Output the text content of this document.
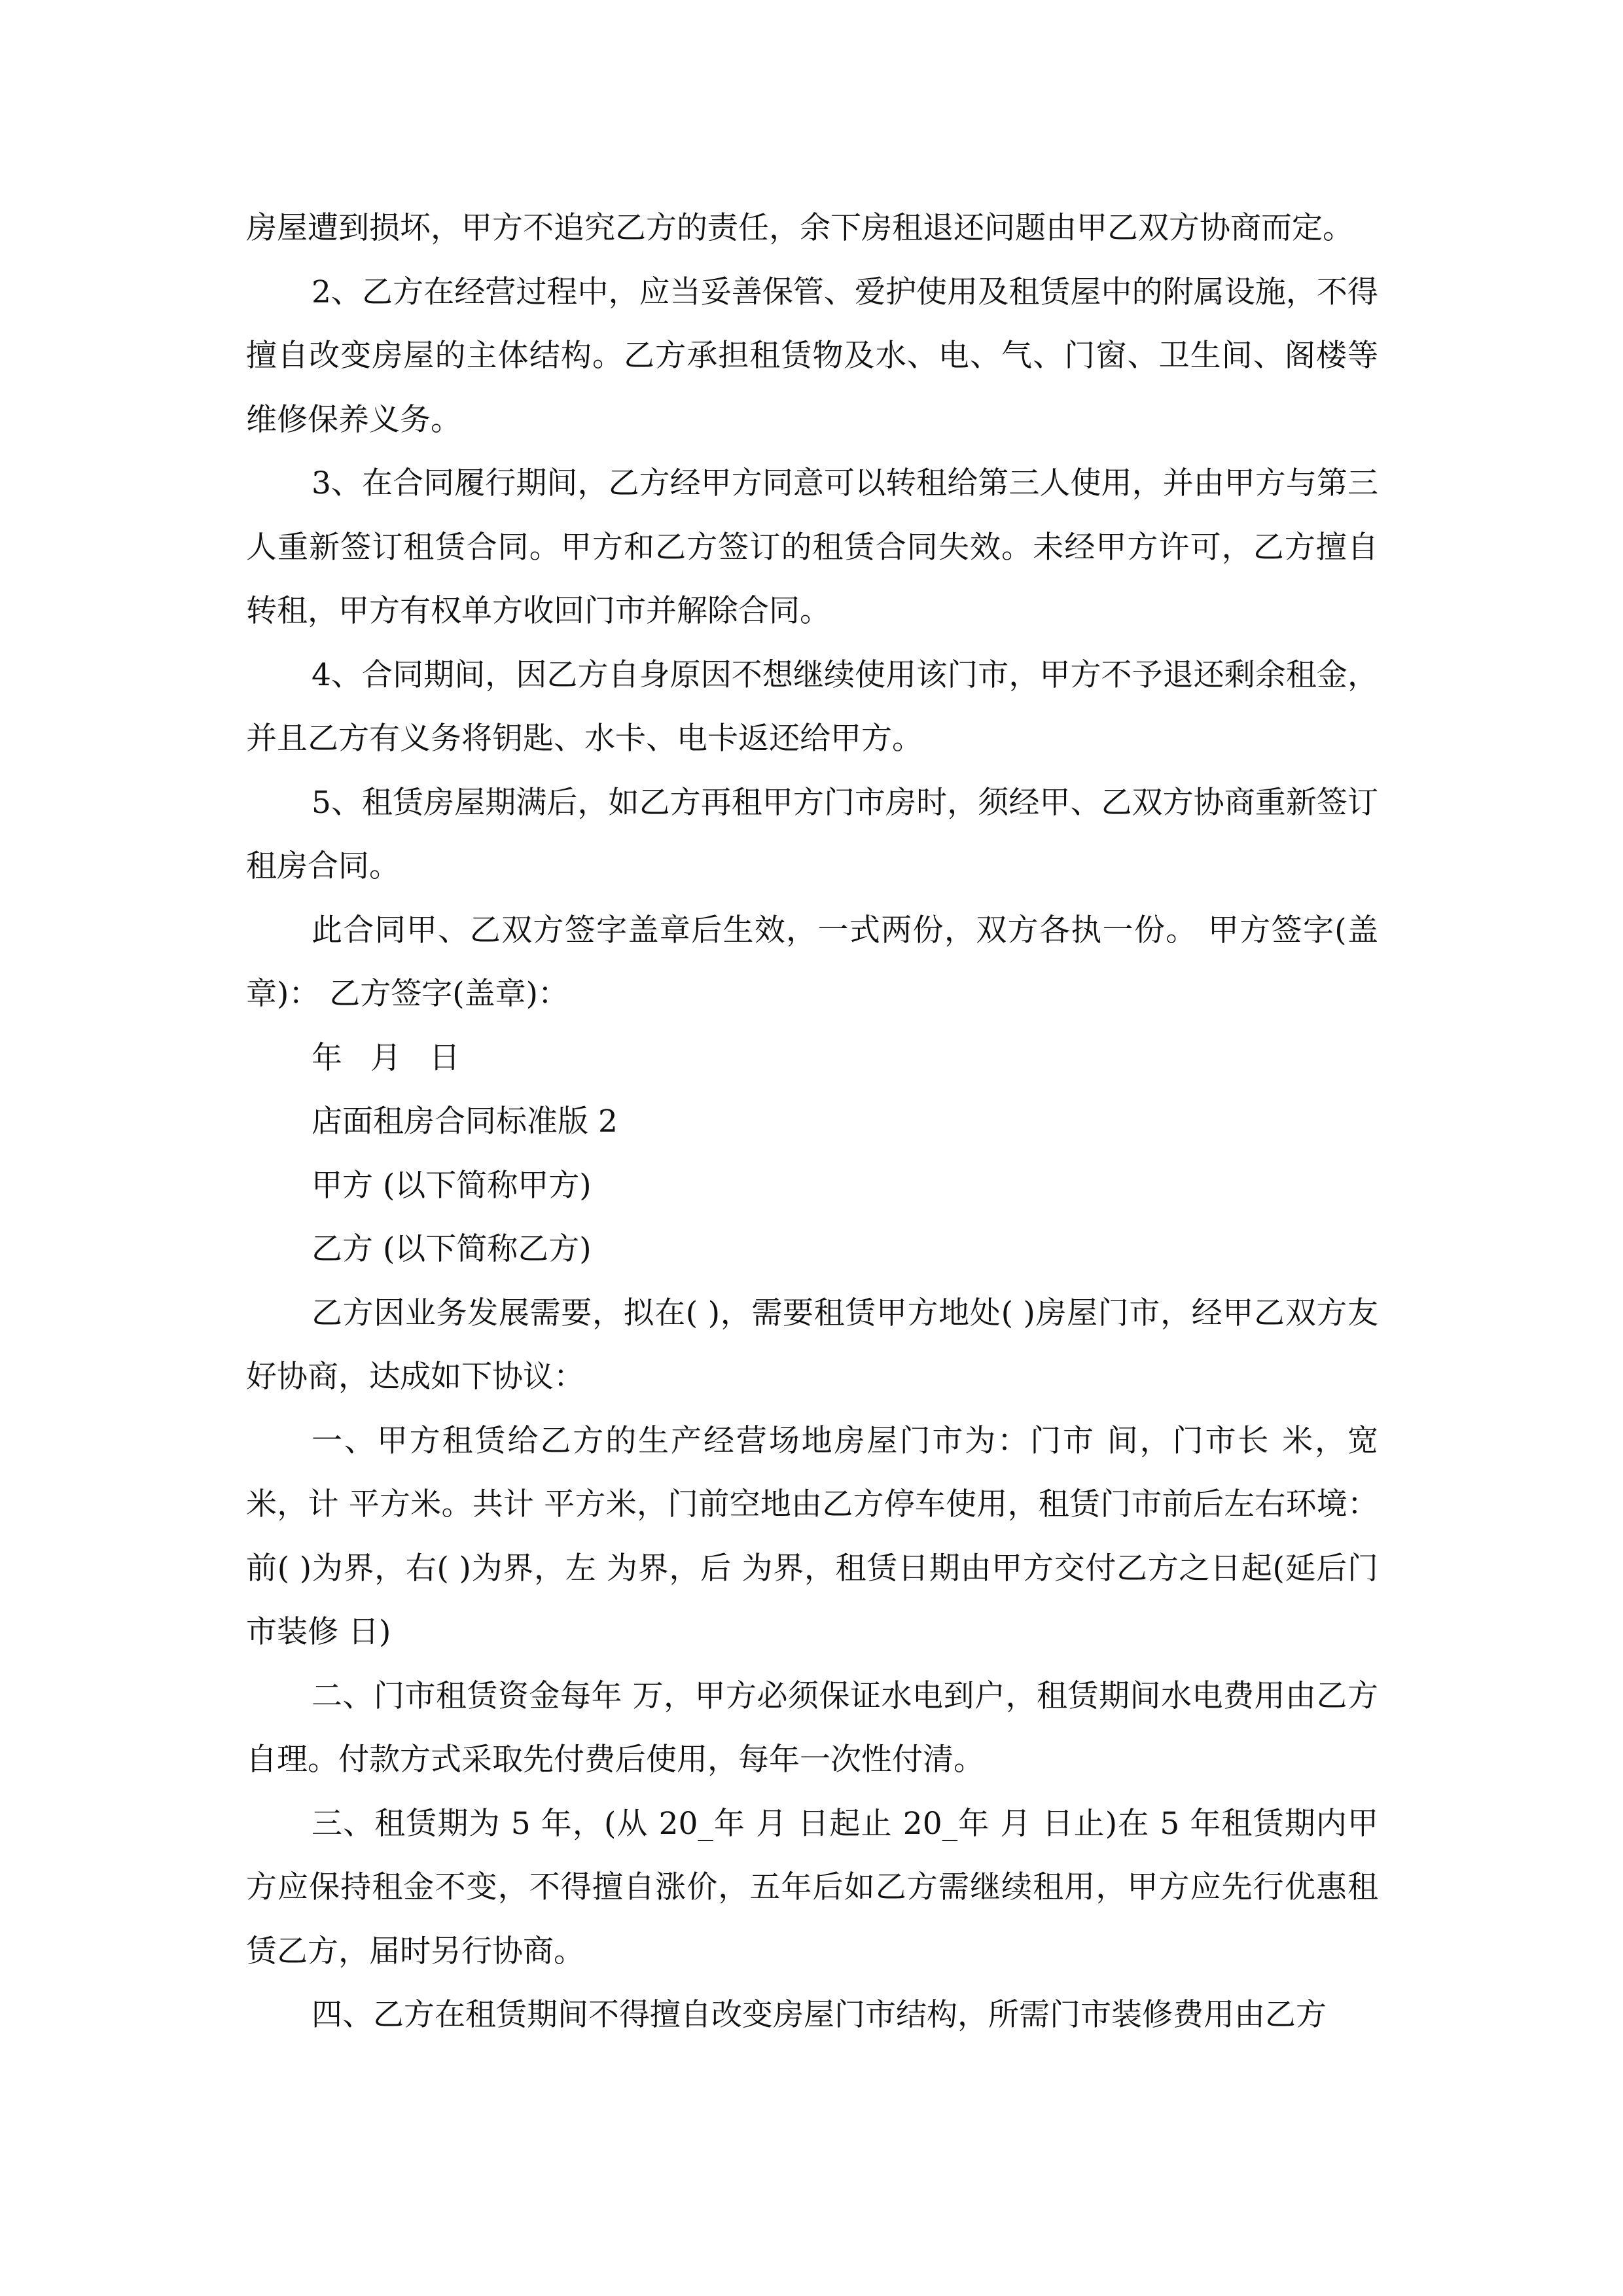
房屋遭到损坏，甲方不追究乙方的责任，余下房租退还问题由甲乙双方协商而定。

2、乙方在经营过程中，应当妥善保管、爱护使用及租赁屋中的附属设施，不得擅自改变房屋的主体结构。乙方承担租赁物及水、电、气、门窗、卫生间、阁楼等维修保养义务。

3、在合同履行期间，乙方经甲方同意可以转租给第三人使用，并由甲方与第三人重新签订租赁合同。甲方和乙方签订的租赁合同失效。未经甲方许可，乙方擅自转租，甲方有权单方收回门市并解除合同。

4、合同期间，因乙方自身原因不想继续使用该门市，甲方不予退还剩余租金，并且乙方有义务将钥匙、水卡、电卡返还给甲方。

5、租赁房屋期满后，如乙方再租甲方门市房时，须经甲、乙双方协商重新签订租房合同。

此合同甲、乙双方签字盖章后生效，一式两份，双方各执一份。 甲方签字(盖章)： 乙方签字(盖章)：

年 月 日

店面租房合同标准版 2

甲方 (以下简称甲方)

乙方 (以下简称乙方)

乙方因业务发展需要，拟在( )，需要租赁甲方地处( )房屋门市，经甲乙双方友好协商，达成如下协议：

一、甲方租赁给乙方的生产经营场地房屋门市为：门市 间，门市长 米，宽 米，计 平方米。共计 平方米，门前空地由乙方停车使用，租赁门市前后左右环境：前( )为界，右( )为界，左 为界，后 为界，租赁日期由甲方交付乙方之日起(延后门市装修 日)

二、门市租赁资金每年 万，甲方必须保证水电到户，租赁期间水电费用由乙方自理。付款方式采取先付费后使用，每年一次性付清。

三、租赁期为 5 年，(从 20_年 月 日起止 20_年 月 日止)在 5 年租赁期内甲方应保持租金不变，不得擅自涨价，五年后如乙方需继续租用，甲方应先行优惠租赁乙方，届时另行协商。

四、乙方在租赁期间不得擅自改变房屋门市结构，所需门市装修费用由乙方
